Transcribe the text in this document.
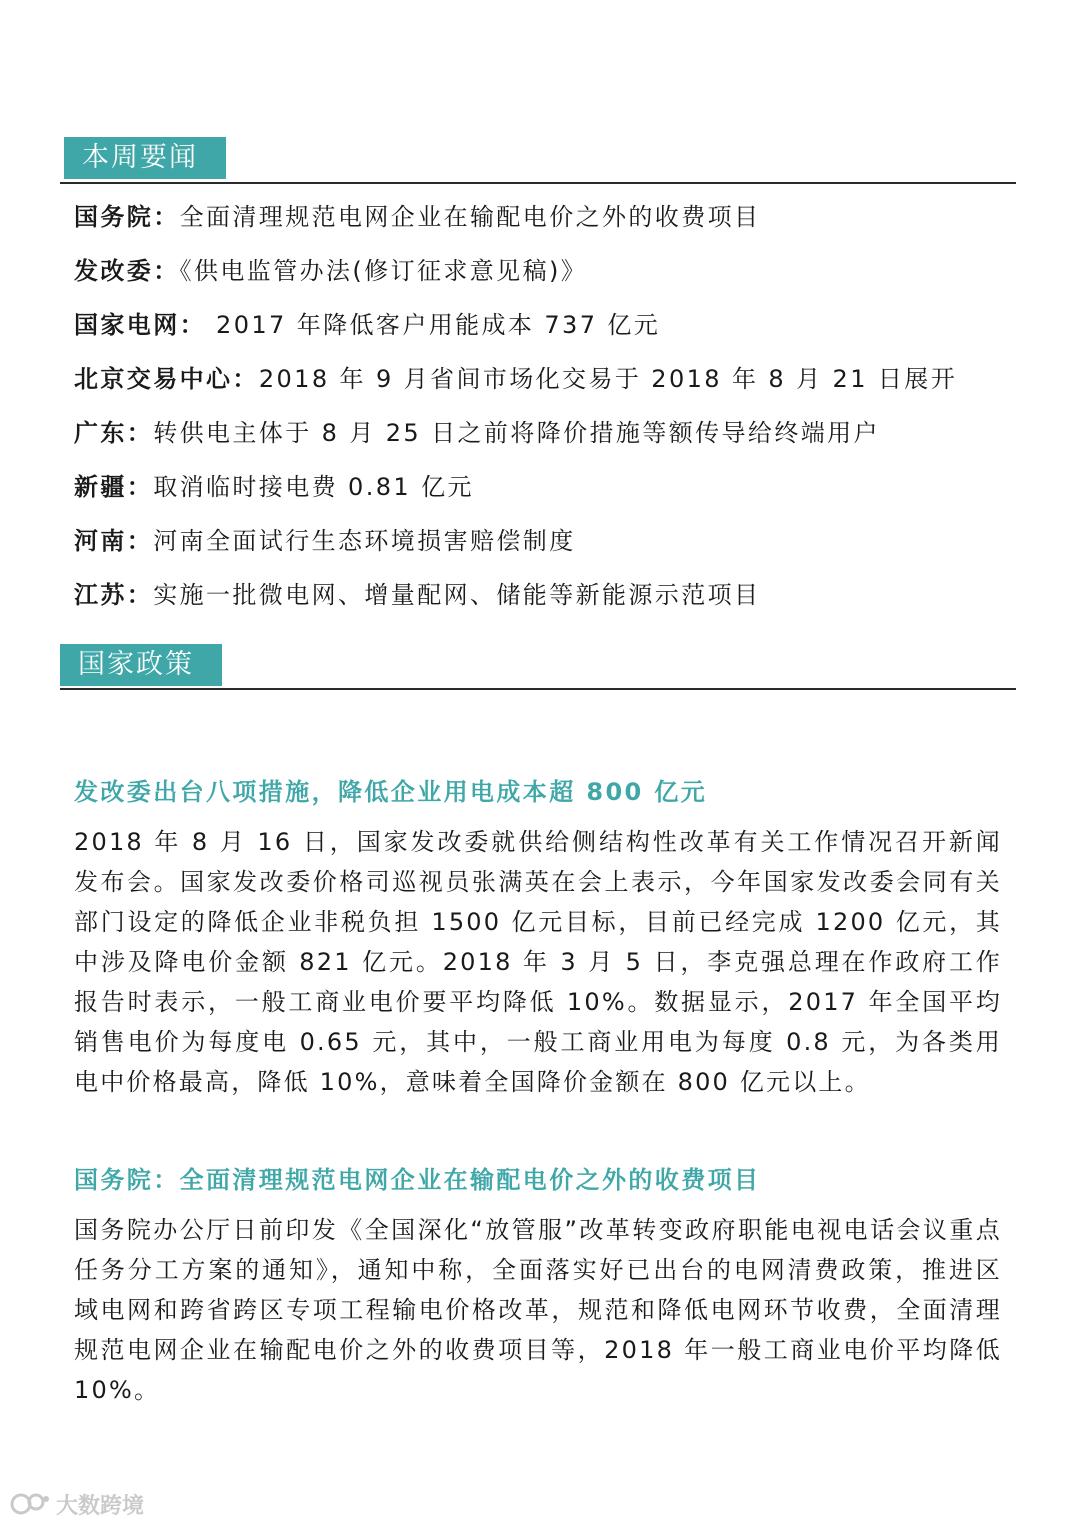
本周要闻
国务院：全面清理规范电网企业在输配电价之外的收费项目
发改委：《供电监管办法(修订征求意见稿)》
国家电网： 2017 年降低客户用能成本 737 亿元
北京交易中心：2018 年 9 月省间市场化交易于 2018 年 8 月 21 日展开
广东：转供电主体于 8 月 25 日之前将降价措施等额传导给终端用户
新疆：取消临时接电费 0.81 亿元
河南：河南全面试行生态环境损害赔偿制度
江苏：实施一批微电网、增量配网、储能等新能源示范项目
国家政策
发改委出台八项措施，降低企业用电成本超 800 亿元

2018 年 8 月 16 日，国家发改委就供给侧结构性改革有关工作情况召开新闻发布会。国家发改委价格司巡视员张满英在会上表示，今年国家发改委会同有关部门设定的降低企业非税负担 1500 亿元目标，目前已经完成 1200 亿元，其中涉及降电价金额 821 亿元。2018 年 3 月 5 日，李克强总理在作政府工作报告时表示，一般工商业电价要平均降低 10%。数据显示，2017 年全国平均销售电价为每度电 0.65 元，其中，一般工商业用电为每度 0.8 元，为各类用电中价格最高，降低 10%，意味着全国降价金额在 800 亿元以上。

国务院：全面清理规范电网企业在输配电价之外的收费项目

国务院办公厅日前印发《全国深化“放管服”改革转变政府职能电视电话会议重点任务分工方案的通知》，通知中称，全面落实好已出台的电网清费政策，推进区域电网和跨省跨区专项工程输电价格改革，规范和降低电网环节收费，全面清理规范电网企业在输配电价之外的收费项目等，2018 年一般工商业电价平均降低 10%。

大数跨境
